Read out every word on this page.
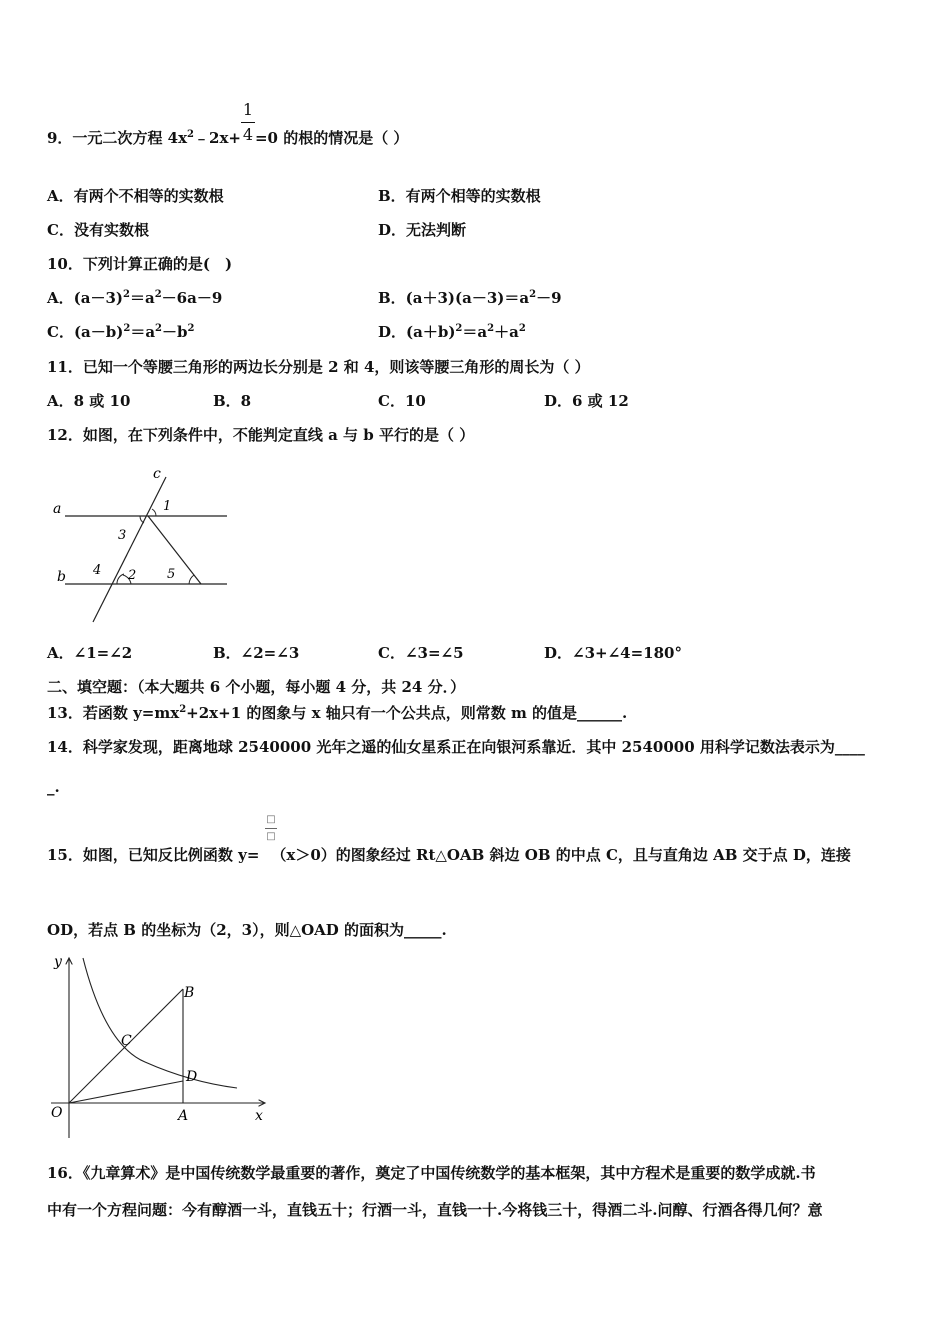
1
4
9．一元二次方程 $4x^2﹣2x+ =0$ 的根的情况是（ ）
A．有两个不相等的实数根	B．有两个相等的实数根
C．没有实数根	D．无法判断
10．下列计算正确的是(　)
A．$(a-3)^2=a^2-6a-9$	B．$(a+3)(a-3)=a^2-9$
C．$(a-b)^2=a^2-b^2$	D．$(a+b)^2=a^2+a^2$
11．已知一个等腰三角形的两边长分别是 2 和 4，则该等腰三角形的周长为（ ）
A．8 或 10	B．8	C．10	D．6 或 12
12．如图，在下列条件中，不能判定直线 a 与 b 平行的是（ ）
c
a
b
1
3
4 2 5
A．∠1=∠2	B．∠2=∠3	C．∠3=∠5	D．∠3+∠4=180°
二、填空题：（本大题共 6 个小题，每小题 4 分，共 24 分．）
13．若函数 $y=mx^2+2x+1$ 的图象与 x 轴只有一个公共点，则常数 m 的值是______.
14．科学家发现，距离地球 2540000 光年之遥的仙女星系正在向银河系靠近．其中 2540000 用科学记数法表示为____
_.
□
□
15．如图，已知反比例函数 y= （x＞0）的图象经过 Rt△OAB 斜边 OB 的中点 C，且与直角边 AB 交于点 D，连接
OD，若点 B 的坐标为（2，3），则△OAD 的面积为_____.
y
x
O	A
B
C
D
16．《九章算术》是中国传统数学最重要的著作，奠定了中国传统数学的基本框架，其中方程术是重要的数学成就.书
中有一个方程问题：今有醇酒一斗，直钱五十；行酒一斗，直钱一十.今将钱三十，得酒二斗.问醇、行酒各得几何？意
